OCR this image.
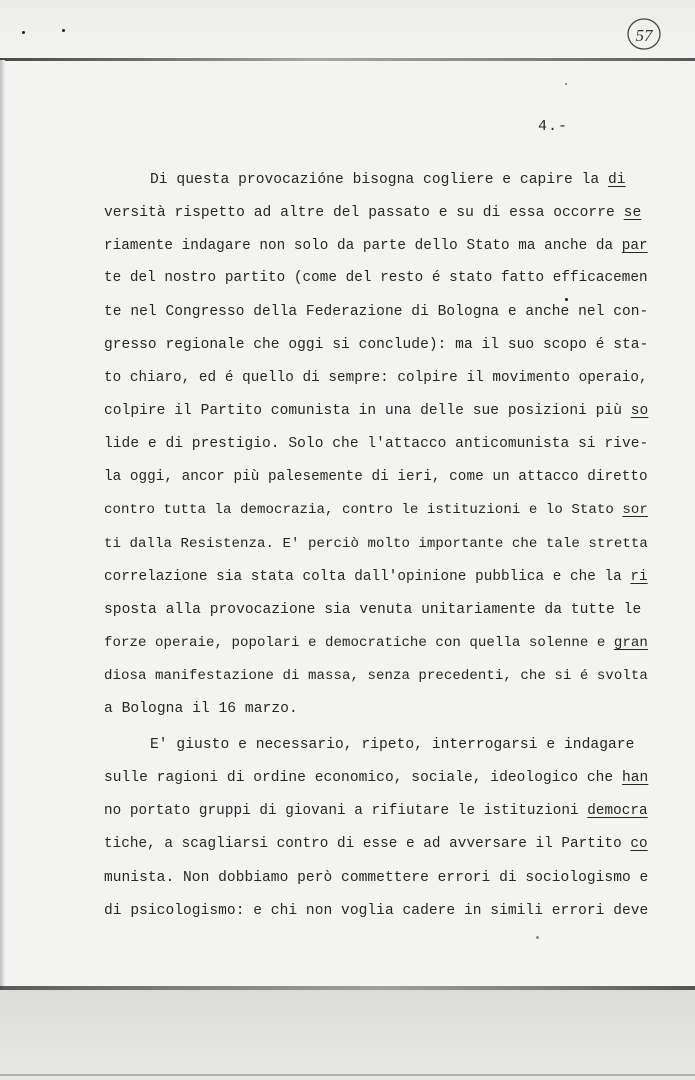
57
4.-
Di questa provocazióne bisogna cogliere e capire la di
versità rispetto ad altre del passato e su di essa occorre se
riamente indagare non solo da parte dello Stato ma anche da par
te del nostro partito (come del resto é stato fatto efficacemen
te nel Congresso della Federazione di Bologna e anche nel con-
gresso regionale che oggi si conclude): ma il suo scopo é sta-
to chiaro, ed é quello di sempre: colpire il movimento operaio,
colpire il Partito comunista in una delle sue posizioni più so
lide e di prestigio. Solo che l'attacco anticomunista si rive-
la oggi, ancor più palesemente di ieri, come un attacco diretto
contro tutta la democrazia, contro le istituzioni e lo Stato sor
ti dalla Resistenza. E' perciò molto importante che tale stretta
correlazione sia stata colta dall'opinione pubblica e che la ri
sposta alla provocazione sia venuta unitariamente da tutte le
forze operaie, popolari e democratiche con quella solenne e gran
diosa manifestazione di massa, senza precedenti, che si é svolta
a Bologna il 16 marzo.
E' giusto e necessario, ripeto, interrogarsi e indagare
sulle ragioni di ordine economico, sociale, ideologico che han
no portato gruppi di giovani a rifiutare le istituzioni democra
tiche, a scagliarsi contro di esse e ad avversare il Partito co
munista. Non dobbiamo però commettere errori di sociologismo e
di psicologismo: e chi non voglia cadere in simili errori deve
